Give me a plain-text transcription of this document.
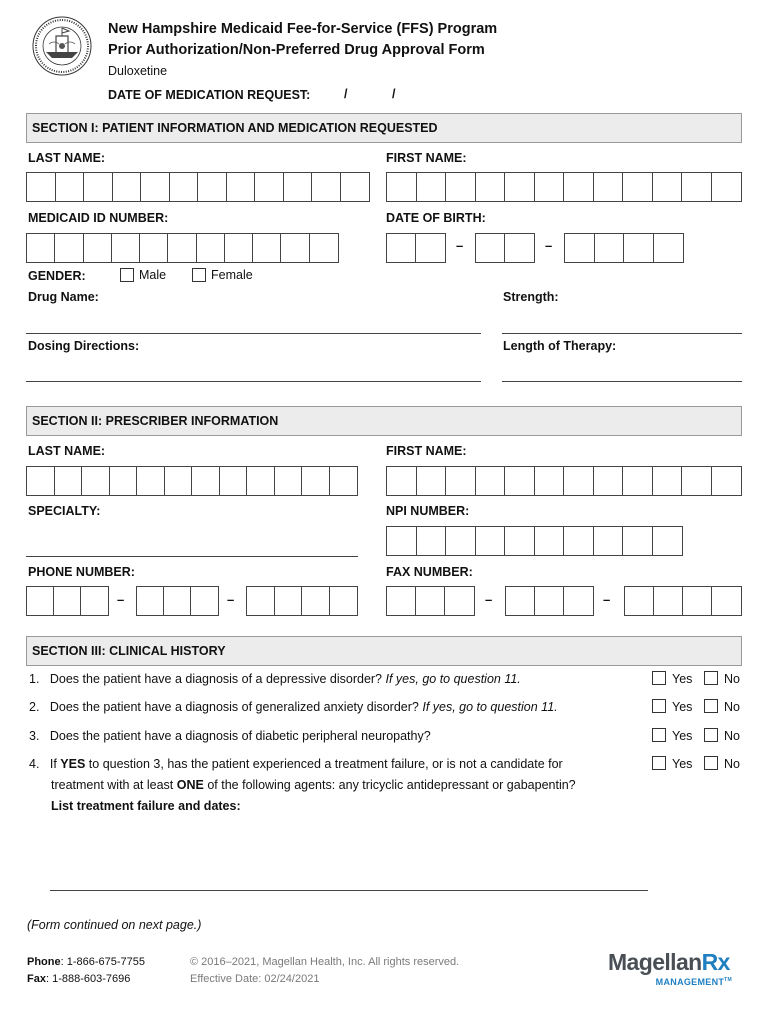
New Hampshire Medicaid Fee-for-Service (FFS) Program
Prior Authorization/Non-Preferred Drug Approval Form
Duloxetine
DATE OF MEDICATION REQUEST:	/	/
SECTION I: PATIENT INFORMATION AND MEDICATION REQUESTED
LAST NAME:	FIRST NAME:
MEDICAID ID NUMBER:	DATE OF BIRTH:
–	–
GENDER:	Male	Female
Drug Name:	Strength:
Dosing Directions:	Length of Therapy:
SECTION II: PRESCRIBER INFORMATION
LAST NAME:	FIRST NAME:
SPECIALTY:	NPI NUMBER:
PHONE NUMBER:	FAX NUMBER:
–	–	–	–
SECTION III: CLINICAL HISTORY
1. Does the patient have a diagnosis of a depressive disorder? If yes, go to question 11.	Yes	No
2. Does the patient have a diagnosis of generalized anxiety disorder? If yes, go to question 11.	Yes	No
3. Does the patient have a diagnosis of diabetic peripheral neuropathy?	Yes	No
4. If YES to question 3, has the patient experienced a treatment failure, or is not a candidate for
treatment with at least ONE of the following agents: any tricyclic antidepressant or gabapentin?
List treatment failure and dates:
Yes	No
(Form continued on next page.)
Phone: 1-866-675-7755
Fax: 1-888-603-7696
© 2016–2021, Magellan Health, Inc. All rights reserved.
Effective Date: 02/24/2021
MagellanRx
MANAGEMENT™
